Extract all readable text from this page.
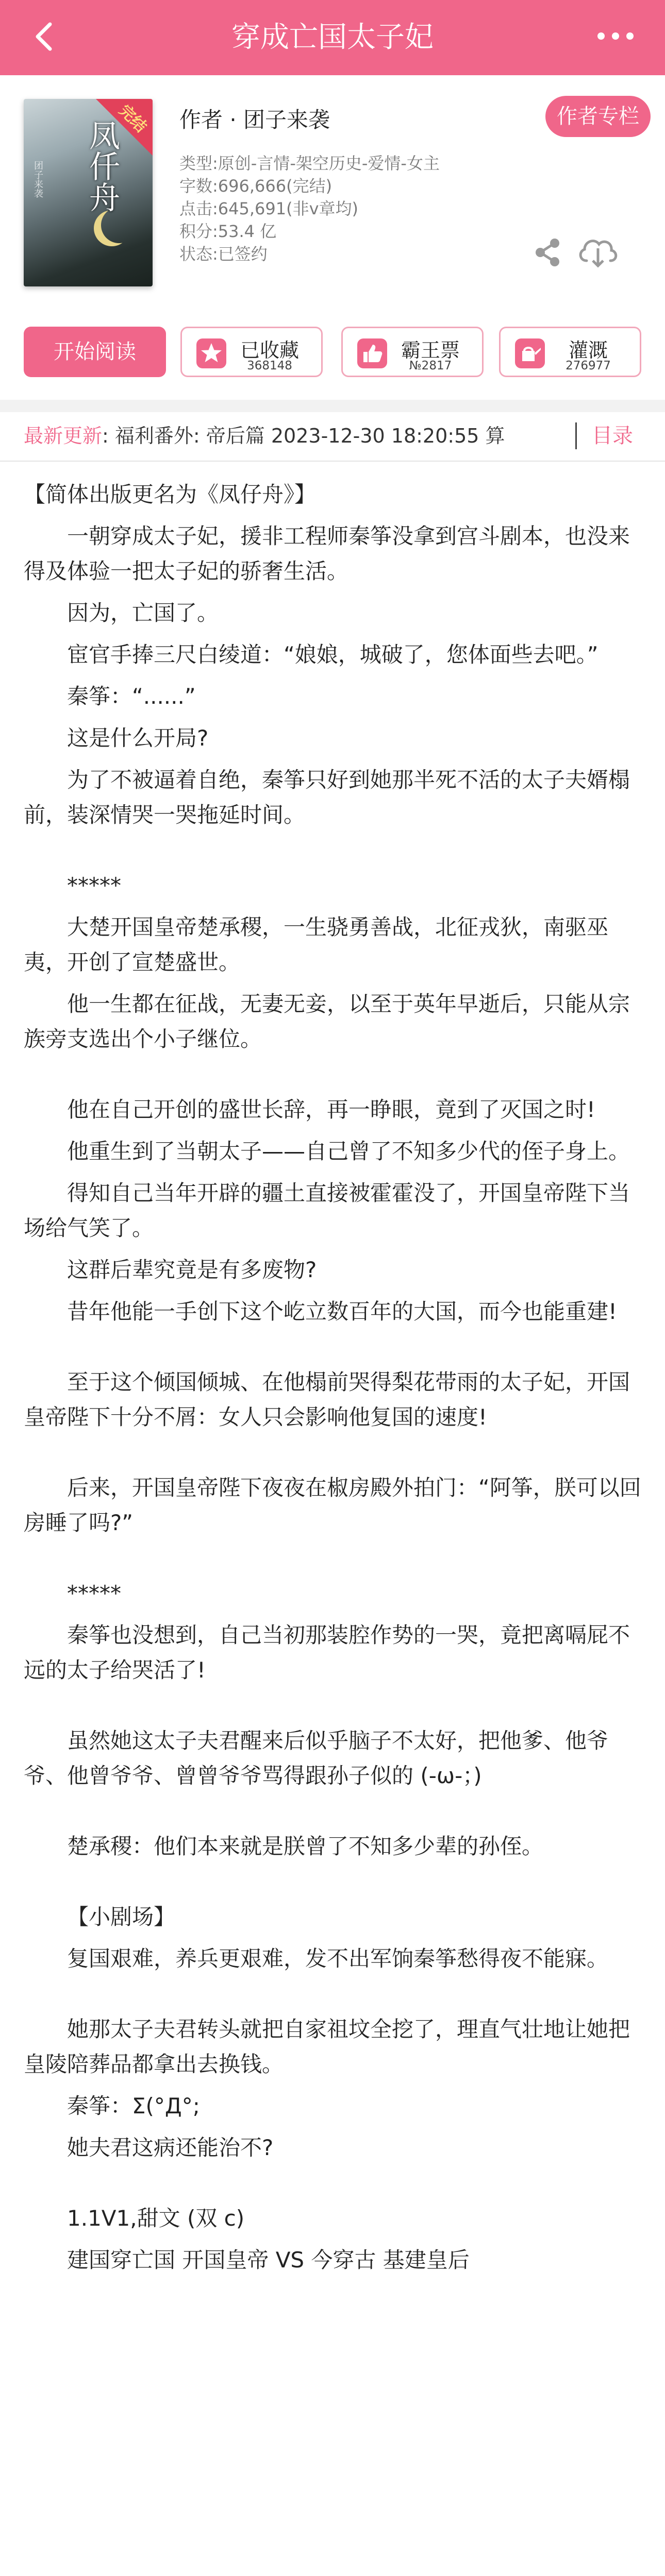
穿成亡国太子妃
凤仟舟
团子来袭
完结 作者 · 团子来袭	作者专栏
类型:原创-言情-架空历史-爱情-女主
字数:696,666(完结)
点击:645,691(非v章均)
积分:53.4 亿
状态:已签约
开始阅读	已收藏
368148
霸王票
№2817
灌溉
276977
最新更新: 福利番外: 帝后篇 2023-12-30 18:20:55 算	目录

【简体出版更名为《凤仔舟》】

一朝穿成太子妃，援非工程师秦筝没拿到宫斗剧本，也没来得及体验一把太子妃的骄奢生活。

因为，亡国了。

宦官手捧三尺白绫道：“娘娘，城破了，您体面些去吧。”

秦筝：“......”

这是什么开局?

为了不被逼着自绝，秦筝只好到她那半死不活的太子夫婿榻前，装深情哭一哭拖延时间。

*****

大楚开国皇帝楚承稷，一生骁勇善战，北征戎狄，南驱巫夷，开创了宣楚盛世。

他一生都在征战，无妻无妾，以至于英年早逝后，只能从宗族旁支选出个小子继位。

他在自己开创的盛世长辞，再一睁眼，竟到了灭国之时!

他重生到了当朝太子——自己曾了不知多少代的侄子身上。

得知自己当年开辟的疆土直接被霍霍没了，开国皇帝陛下当场给气笑了。

这群后辈究竟是有多废物?

昔年他能一手创下这个屹立数百年的大国，而今也能重建!

至于这个倾国倾城、在他榻前哭得梨花带雨的太子妃，开国皇帝陛下十分不屑：女人只会影响他复国的速度!

后来，开国皇帝陛下夜夜在椒房殿外拍门：“阿筝，朕可以回房睡了吗?”

*****

秦筝也没想到，自己当初那装腔作势的一哭，竟把离嗝屁不远的太子给哭活了!

虽然她这太子夫君醒来后似乎脑子不太好，把他爹、他爷爷、他曾爷爷、曾曾爷爷骂得跟孙子似的 (-ω-；)

楚承稷：他们本来就是朕曾了不知多少辈的孙侄。

【小剧场】

复国艰难，养兵更艰难，发不出军饷秦筝愁得夜不能寐。

她那太子夫君转头就把自家祖坟全挖了，理直气壮地让她把皇陵陪葬品都拿出去换钱。

秦筝：Σ(°Д°;

她夫君这病还能治不?

1.1V1,甜文 (双 c)

建国穿亡国 开国皇帝 VS 今穿古 基建皇后
